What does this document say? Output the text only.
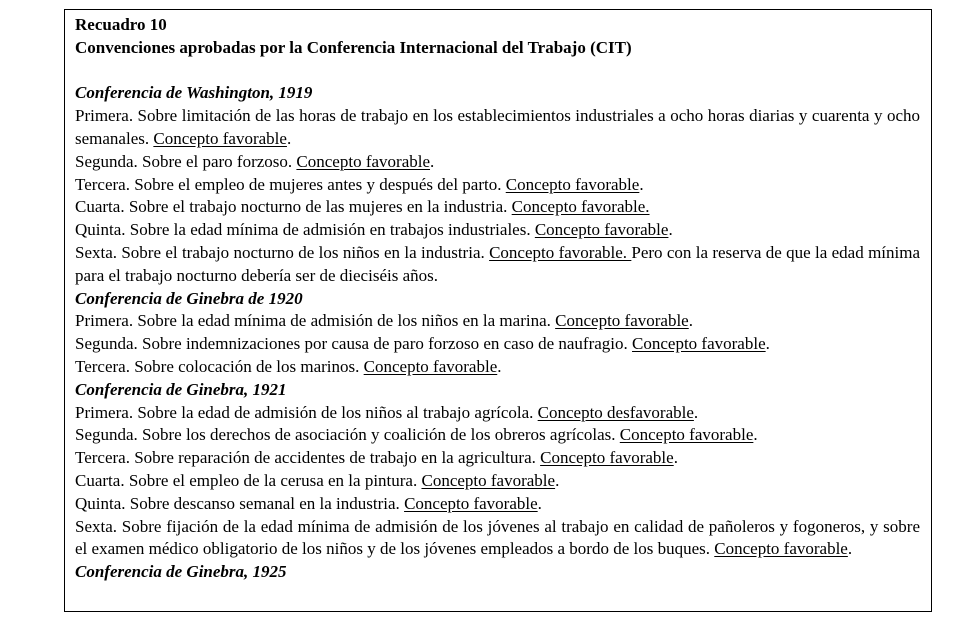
Recuadro 10

Convenciones aprobadas por la Conferencia Internacional del Trabajo (CIT)

Conferencia de Washington, 1919

Primera. Sobre limitación de las horas de trabajo en los establecimientos industriales a ocho horas diarias y cuarenta y ocho semanales. Concepto favorable.

Segunda. Sobre el paro forzoso. Concepto favorable.

Tercera. Sobre el empleo de mujeres antes y después del parto. Concepto favorable.

Cuarta. Sobre el trabajo nocturno de las mujeres en la industria. Concepto favorable.

Quinta. Sobre la edad mínima de admisión en trabajos industriales. Concepto favorable.

Sexta. Sobre el trabajo nocturno de los niños en la industria. Concepto favorable. Pero con la reserva de que la edad mínima para el trabajo nocturno debería ser de dieciséis años.

Conferencia de Ginebra de 1920

Primera. Sobre la edad mínima de admisión de los niños en la marina. Concepto favorable.

Segunda. Sobre indemnizaciones por causa de paro forzoso en caso de naufragio. Concepto favorable.

Tercera. Sobre colocación de los marinos. Concepto favorable.

Conferencia de Ginebra, 1921

Primera. Sobre la edad de admisión de los niños al trabajo agrícola. Concepto desfavorable.

Segunda. Sobre los derechos de asociación y coalición de los obreros agrícolas. Concepto favorable.

Tercera. Sobre reparación de accidentes de trabajo en la agricultura. Concepto favorable.

Cuarta. Sobre el empleo de la cerusa en la pintura. Concepto favorable.

Quinta. Sobre descanso semanal en la industria. Concepto favorable.

Sexta. Sobre fijación de la edad mínima de admisión de los jóvenes al trabajo en calidad de pañoleros y fogoneros, y sobre el examen médico obligatorio de los niños y de los jóvenes empleados a bordo de los buques. Concepto favorable.

Conferencia de Ginebra, 1925
